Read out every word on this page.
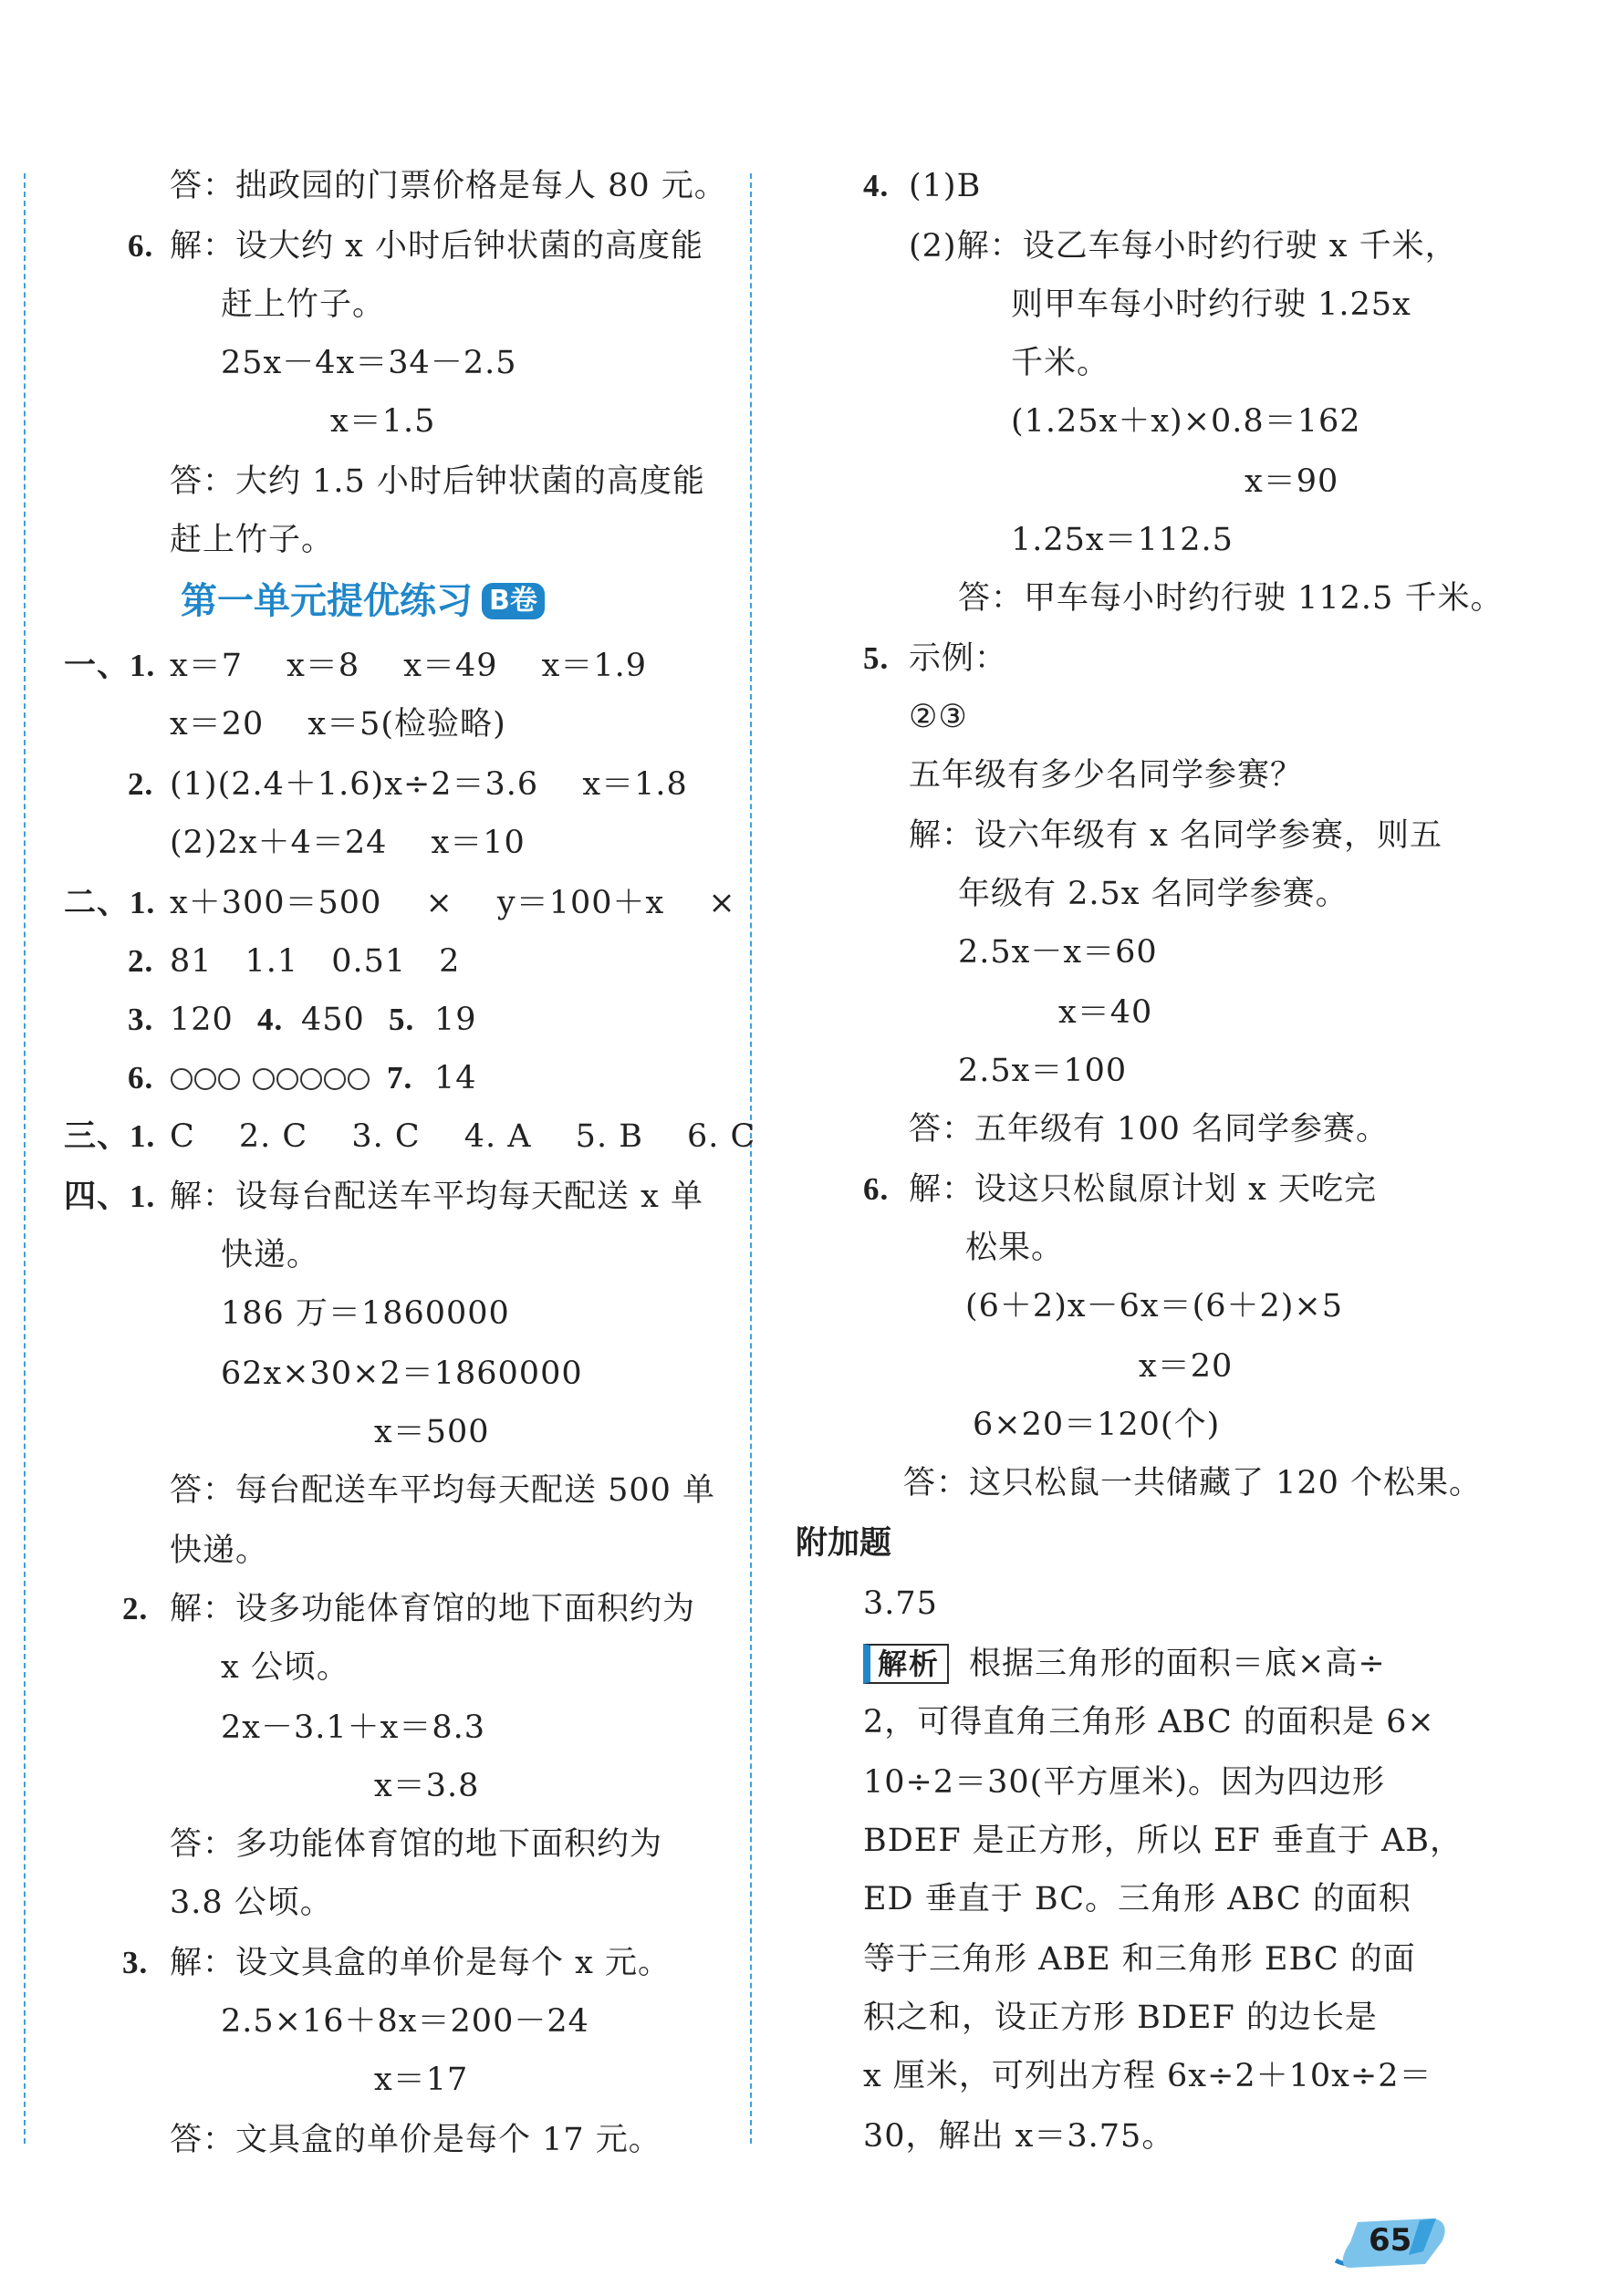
答：拙政园的门票价格是每人 80 元。
6. 解：设大约 x 小时后钟状菌的高度能
赶上竹子。
25x－4x＝34－2.5
x＝1.5
答：大约 1.5 小时后钟状菌的高度能
赶上竹子。
第一单元提优练习 B卷
一、1. x＝7　 x＝8　 x＝49　 x＝1.9
x＝20　 x＝5(检验略)
2. (1)(2.4＋1.6)x÷2＝3.6　 x＝1.8
(2)2x＋4＝24　 x＝10
二、1. x＋300＝500　 ×　 y＝100＋x　 ×
2. 81　1.1　0.51　2
3. 120 4. 450 5. 19
6.
	7. 14
三、1. C　 2. C　 3. C　 4. A　 5. B　 6. C
四、1. 解：设每台配送车平均每天配送 x 单
快递。
186 万＝1860000
62x×30×2＝1860000
x＝500
答：每台配送车平均每天配送 500 单
快递。
2. 解：设多功能体育馆的地下面积约为
x 公顷。
2x－3.1＋x＝8.3
x＝3.8
答：多功能体育馆的地下面积约为
3.8 公顷。
3. 解：设文具盒的单价是每个 x 元。
2.5×16＋8x＝200－24
x＝17
答：文具盒的单价是每个 17 元。
4. (1)B
(2)解：设乙车每小时约行驶 x 千米，
则甲车每小时约行驶 1.25x
千米。
(1.25x＋x)×0.8＝162
x＝90
1.25x＝112.5
答：甲车每小时约行驶 112.5 千米。
5. 示例：
②③
五年级有多少名同学参赛？
解：设六年级有 x 名同学参赛，则五
年级有 2.5x 名同学参赛。
2.5x－x＝60
x＝40
2.5x＝100
答：五年级有 100 名同学参赛。
6. 解：设这只松鼠原计划 x 天吃完
松果。
(6＋2)x－6x＝(6＋2)×5
x＝20
6×20＝120(个)
答：这只松鼠一共储藏了 120 个松果。
附加题
3.75
解析 根据三角形的面积＝底×高÷
2，可得直角三角形 ABC 的面积是 6×
10÷2＝30(平方厘米)。因为四边形
BDEF 是正方形，所以 EF 垂直于 AB，
ED 垂直于 BC。三角形 ABC 的面积
等于三角形 ABE 和三角形 EBC 的面
积之和，设正方形 BDEF 的边长是
x 厘米，可列出方程 6x÷2＋10x÷2＝
30，解出 x＝3.75。
65
